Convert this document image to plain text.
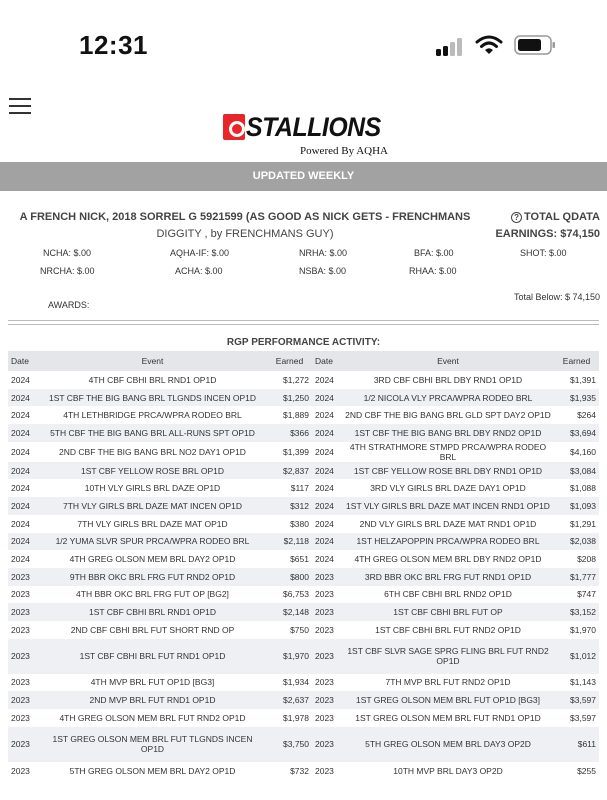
12:31
STALLIONS
Powered By AQHA
UPDATED WEEKLY
A FRENCH NICK, 2018 SORREL G 5921599 (AS GOOD AS NICK GETS - FRENCHMANS
DIGGITY , by FRENCHMANS GUY)
? TOTAL QDATA
EARNINGS: $74,150
NCHA: $.00	AQHA-IF: $.00	NRHA: $.00	BFA: $.00	SHOT: $.00
NRCHA: $.00	ACHA: $.00	NSBA: $.00	RHAA: $.00
AWARDS:
Total Below: $ 74,150
RGP PERFORMANCE ACTIVITY:
Date	Event	Earned	Date	Event	Earned
2024	4TH CBF CBHI BRL RND1 OP1D	$1,272	2024	3RD CBF CBHI BRL DBY RND1 OP1D	$1,391
2024	1ST CBF THE BIG BANG BRL TLGNDS INCEN OP1D	$1,250	2024	1/2 NICOLA VLY PRCA/WPRA RODEO BRL	$1,935
2024	4TH LETHBRIDGE PRCA/WPRA RODEO BRL	$1,889	2024	2ND CBF THE BIG BANG BRL GLD SPT DAY2 OP1D	$264
2024	5TH CBF THE BIG BANG BRL ALL-RUNS SPT OP1D	$366	2024	1ST CBF THE BIG BANG BRL DBY RND2 OP1D	$3,694
2024	2ND CBF THE BIG BANG BRL NO2 DAY1 OP1D	$1,399	2024	4TH STRATHMORE STMPD PRCA/WPRA RODEO BRL	$4,160
2024	1ST CBF YELLOW ROSE BRL OP1D	$2,837	2024	1ST CBF YELLOW ROSE BRL DBY RND1 OP1D	$3,084
2024	10TH VLY GIRLS BRL DAZE OP1D	$117	2024	3RD VLY GIRLS BRL DAZE DAY1 OP1D	$1,088
2024	7TH VLY GIRLS BRL DAZE MAT INCEN OP1D	$312	2024	1ST VLY GIRLS BRL DAZE MAT INCEN RND1 OP1D	$1,093
2024	7TH VLY GIRLS BRL DAZE MAT OP1D	$380	2024	2ND VLY GIRLS BRL DAZE MAT RND1 OP1D	$1,291
2024	1/2 YUMA SLVR SPUR PRCA/WPRA RODEO BRL	$2,118	2024	1ST HELZAPOPPIN PRCA/WPRA RODEO BRL	$2,038
2024	4TH GREG OLSON MEM BRL DAY2 OP1D	$651	2024	4TH GREG OLSON MEM BRL DBY RND2 OP1D	$208
2023	9TH BBR OKC BRL FRG FUT RND2 OP1D	$800	2023	3RD BBR OKC BRL FRG FUT RND1 OP1D	$1,777
2023	4TH BBR OKC BRL FRG FUT OP [BG2]	$6,753	2023	6TH CBF CBHI BRL RND2 OP1D	$747
2023	1ST CBF CBHI BRL RND1 OP1D	$2,148	2023	1ST CBF CBHI BRL FUT OP	$3,152
2023	2ND CBF CBHI BRL FUT SHORT RND OP	$750	2023	1ST CBF CBHI BRL FUT RND2 OP1D	$1,970
2023	1ST CBF CBHI BRL FUT RND1 OP1D	$1,970	2023	1ST CBF SLVR SAGE SPRG FLING BRL FUT RND2 OP1D	$1,012
2023	4TH MVP BRL FUT OP1D [BG3]	$1,934	2023	7TH MVP BRL FUT RND2 OP1D	$1,143
2023	2ND MVP BRL FUT RND1 OP1D	$2,637	2023	1ST GREG OLSON MEM BRL FUT OP1D [BG3]	$3,597
2023	4TH GREG OLSON MEM BRL FUT RND2 OP1D	$1,978	2023	1ST GREG OLSON MEM BRL FUT RND1 OP1D	$3,597
2023	1ST GREG OLSON MEM BRL FUT TLGNDS INCEN OP1D	$3,750	2023	5TH GREG OLSON MEM BRL DAY3 OP2D	$611
2023	5TH GREG OLSON MEM BRL DAY2 OP1D	$732	2023	10TH MVP BRL DAY3 OP2D	$255
